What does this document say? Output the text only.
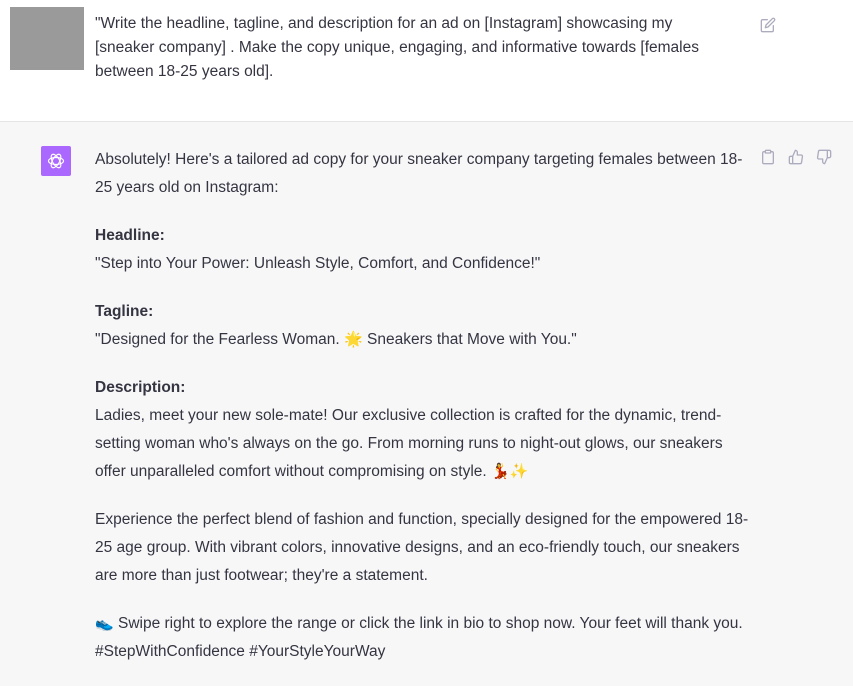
"Write the headline, tagline, and description for an ad on [Instagram] showcasing my [sneaker company] . Make the copy unique, engaging, and informative towards [females between 18-25 years old].

Absolutely! Here's a tailored ad copy for your sneaker company targeting females between 18-25 years old on Instagram:

Headline:
"Step into Your Power: Unleash Style, Comfort, and Confidence!"

Tagline:
"Designed for the Fearless Woman. 🌟 Sneakers that Move with You."

Description:
Ladies, meet your new sole-mate! Our exclusive collection is crafted for the dynamic, trend-setting woman who's always on the go. From morning runs to night-out glows, our sneakers offer unparalleled comfort without compromising on style. 💃✨

Experience the perfect blend of fashion and function, specially designed for the empowered 18-25 age group. With vibrant colors, innovative designs, and an eco-friendly touch, our sneakers are more than just footwear; they're a statement.

👟 Swipe right to explore the range or click the link in bio to shop now. Your feet will thank you. #StepWithConfidence #YourStyleYourWay
